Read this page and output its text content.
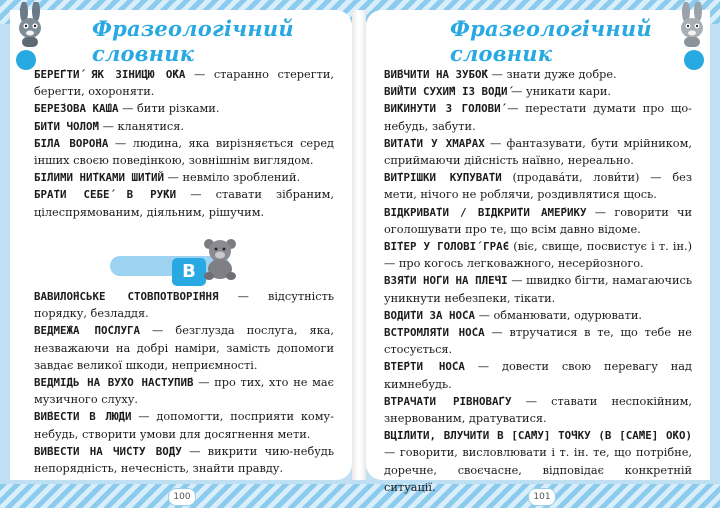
Фразеологічний словник

БЕРЕ́ГТИ́ ЯК ЗІНИ́ЦЮ О́КА — старанно стерегти, берегти, охороняти.

БЕРЕ́ЗОВА КА́ША — бити різками.

БИ́ТИ ЧОЛО́М — кланятися.

БІ́ЛА ВОРО́НА — людина, яка вирізняється серед інших своєю поведінкою, зовнішнім виглядом.

БІ́ЛИМИ НИ́ТКАМИ ШИ́ТИЙ — невміло зроблений.

БРА́ТИ СЕБЕ́ В РУ́КИ — ставати зібраним, цілеспрямованим, діяльним, рішучим.

В

ВАВИЛО́НСЬКЕ СТОВПОТВОРІ́ННЯ — відсутність порядку, безладдя.

ВЕДМЕ́ЖА ПО́СЛУГА — безглузда послуга, яка, незважаючи на добрі наміри, замість допомоги завдає великої шкоди, неприємності.

ВЕДМІ́ДЬ НА ВУ́ХО НАСТУПИ́В — про тих, хто не має музичного слуху.

ВИ́ВЕСТИ В ЛЮ́ДИ — допомогти, посприяти кому-небудь, створити умови для досягнення мети.

ВИ́ВЕСТИ НА ЧИ́СТУ ВО́ДУ — викрити чию-небудь непорядність, нечесність, знайти правду.

Фразеологічний словник

ВИ́ВЧИТИ НА ЗУБО́К — знати дуже добре.

ВИ́ЙТИ СУХИ́М ІЗ ВОДИ́ — уникати кари.

ВИ́КИНУТИ З ГОЛОВИ́ — перестати думати про що-небудь, забути.

ВИТА́ТИ У ХМА́РАХ — фантазувати, бути мрійником, сприймаючи дійсність наївно, нереально.

ВИ́ТРІШКИ КУПУВА́ТИ (продава́ти, лови́ти) — без мети, нічого не роблячи, роздивлятися щось.

ВІДКРИВА́ТИ / ВІДКРИ́ТИ АМЕ́РИКУ — говорити чи оголошувати про те, що всім давно відоме.

ВІ́ТЕР У ГОЛОВІ́ ГРА́Є (віє, свище, посвистує і т. ін.) — про когось легковажного, несерйозного.

ВЗЯ́ТИ НО́ГИ НА ПЛЕ́ЧІ — швидко бігти, намагаючись уникнути небезпеки, тікати.

ВОДИ́ТИ ЗА НО́СА — обманювати, одурювати.

ВСТРОМЛЯ́ТИ НО́СА — втручатися в те, що тебе не стосується.

ВТЕ́РТИ НО́СА — довести свою перевагу над кимнебудь.

ВТРАЧА́ТИ РІВНОВА́ГУ — ставати неспокійним, знервованим, дратуватися.

ВЦІ́ЛИТИ, ВЛУЧИ́ТИ В [СА́МУ] ТО́ЧКУ (В [СА́МЕ] О́КО) — говорити, висловлювати і т. ін. те, що потрібне, доречне, своєчасне, відповідає конкретній ситуації.

100	101
